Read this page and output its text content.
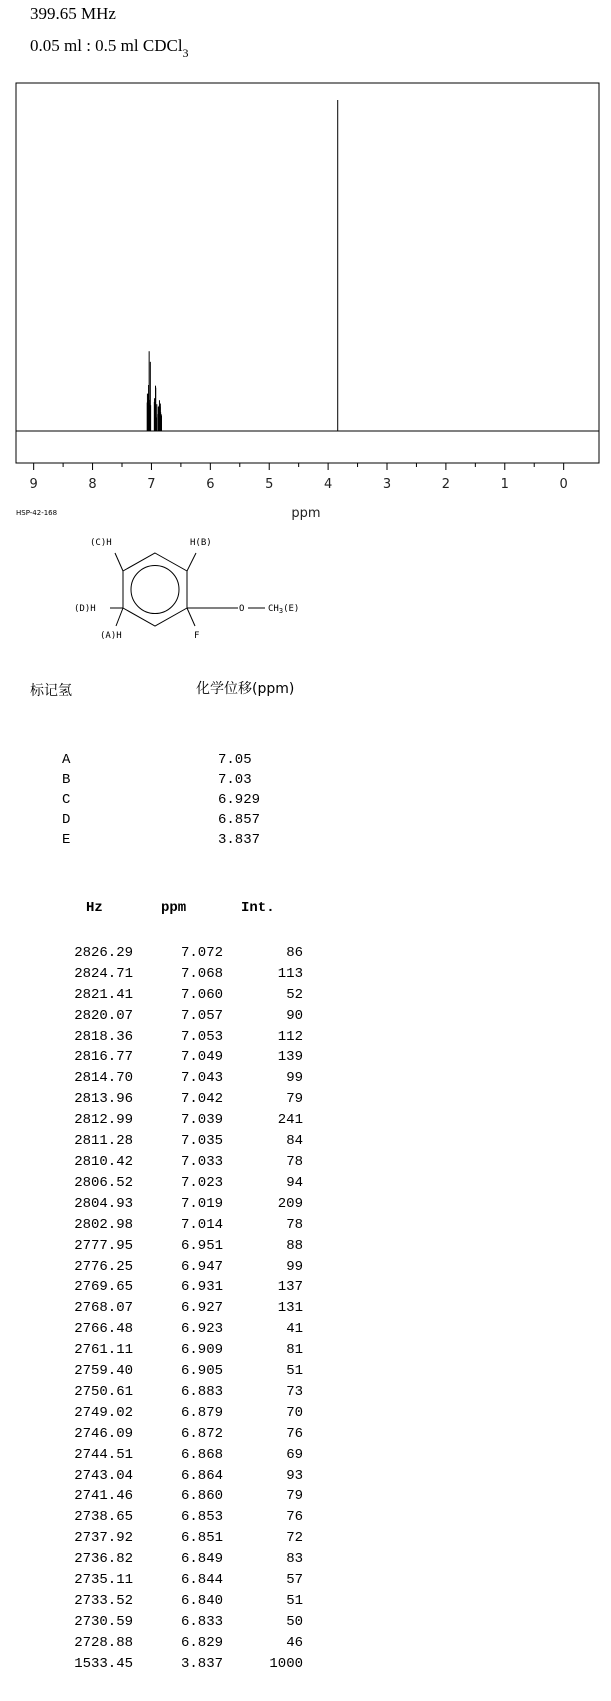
399.65 MHz
0.05 ml : 0.5 ml CDCl$_3$
9	8	7	6	5	4	3	2	1	0
ppm
HSP-42-168
(C)H	H(B)
(D)H	O	$CH_3(E)$
(A)H	F
标记氢	化学位移(ppm)
A	7.05
B	7.03
C	6.929
D	6.857
E	3.837
Hz	ppm	Int.
2826.29	7.072	86
2824.71	7.068	113
2821.41	7.060	52
2820.07	7.057	90
2818.36	7.053	112
2816.77	7.049	139
2814.70	7.043	99
2813.96	7.042	79
2812.99	7.039	241
2811.28	7.035	84
2810.42	7.033	78
2806.52	7.023	94
2804.93	7.019	209
2802.98	7.014	78
2777.95	6.951	88
2776.25	6.947	99
2769.65	6.931	137
2768.07	6.927	131
2766.48	6.923	41
2761.11	6.909	81
2759.40	6.905	51
2750.61	6.883	73
2749.02	6.879	70
2746.09	6.872	76
2744.51	6.868	69
2743.04	6.864	93
2741.46	6.860	79
2738.65	6.853	76
2737.92	6.851	72
2736.82	6.849	83
2735.11	6.844	57
2733.52	6.840	51
2730.59	6.833	50
2728.88	6.829	46
1533.45	3.837	1000
